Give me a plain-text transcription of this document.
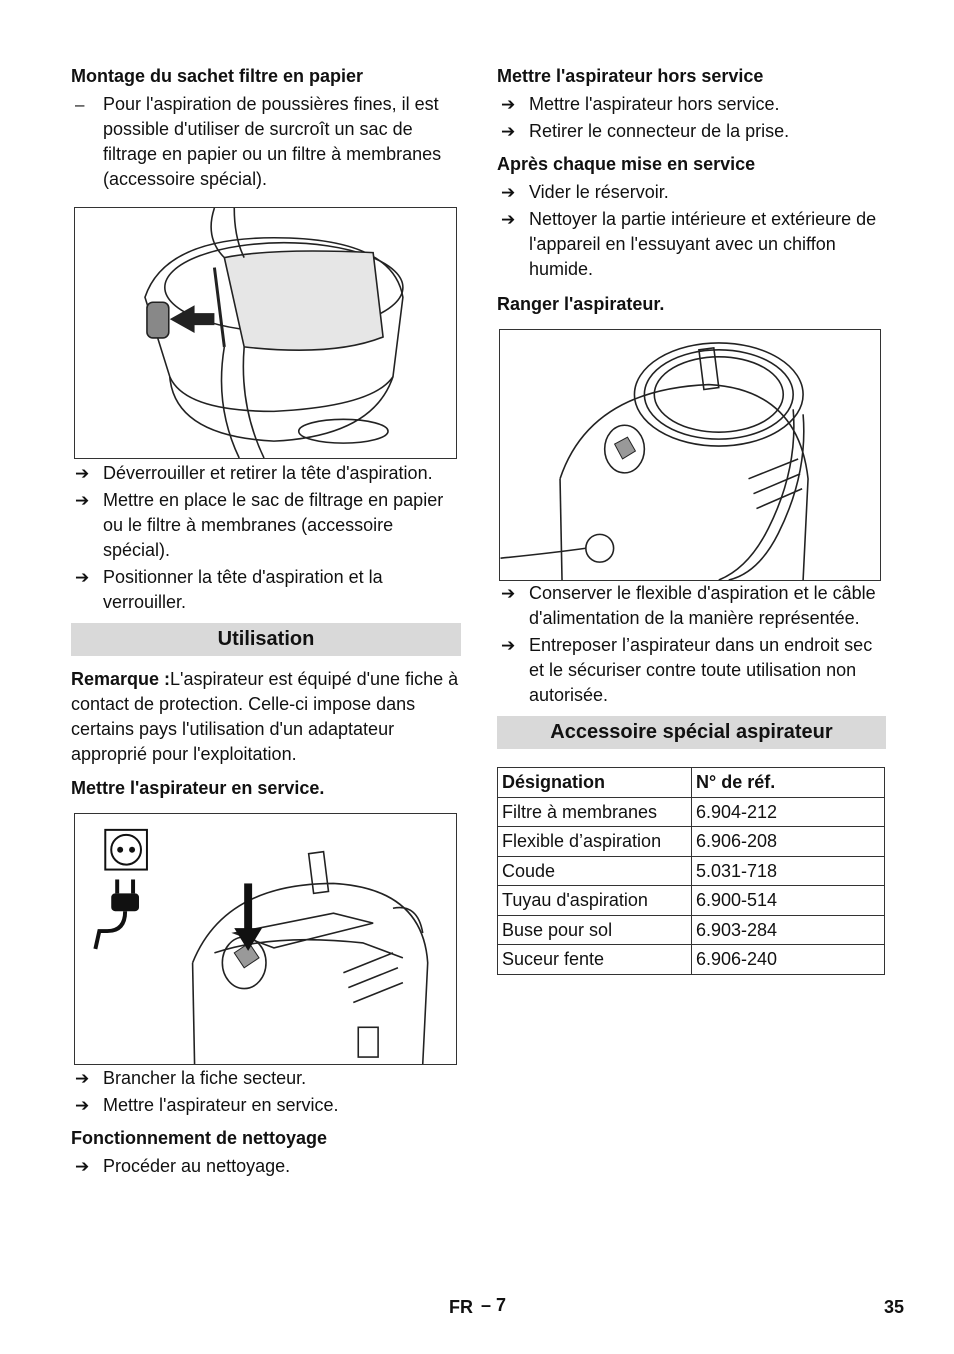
Montage du sachet filtre en papier
– Pour l'aspiration de poussières fines, il est possible d'utiliser de surcroît un sac de filtrage en papier ou un filtre à membranes (accessoire spécial).
➔ Déverrouiller et retirer la tête d'aspiration.
➔ Mettre en place le sac de filtrage en papier ou le filtre à membranes (accessoire spécial).
➔ Positionner la tête d'aspiration et la verrouiller.
Utilisation

Remarque :L'aspirateur est équipé d'une fiche à contact de protection. Celle-ci impose dans certains pays l'utilisation d'un adaptateur approprié pour l'exploitation.

Mettre l'aspirateur en service.
➔ Brancher la fiche secteur.
➔ Mettre l'aspirateur en service.
Fonctionnement de nettoyage
➔ Procéder au nettoyage.
Mettre l'aspirateur hors service
➔ Mettre l'aspirateur hors service.
➔ Retirer le connecteur de la prise.
Après chaque mise en service
➔ Vider le réservoir.
➔ Nettoyer la partie intérieure et extérieure de l'appareil en l'essuyant avec un chiffon humide.
Ranger l'aspirateur.
➔ Conserver le flexible d'aspiration et le câble d'alimentation de la manière représentée.
➔ Entreposer l’aspirateur dans un endroit sec et le sécuriser contre toute utilisation non autorisée.
Accessoire spécial aspirateur
Désignation	N° de réf.
Filtre à membranes	6.904-212
Flexible d’aspiration	6.906-208
Coude	5.031-718
Tuyau d'aspiration	6.900-514
Buse pour sol	6.903-284
Suceur fente	6.906-240
FR – 7	35
